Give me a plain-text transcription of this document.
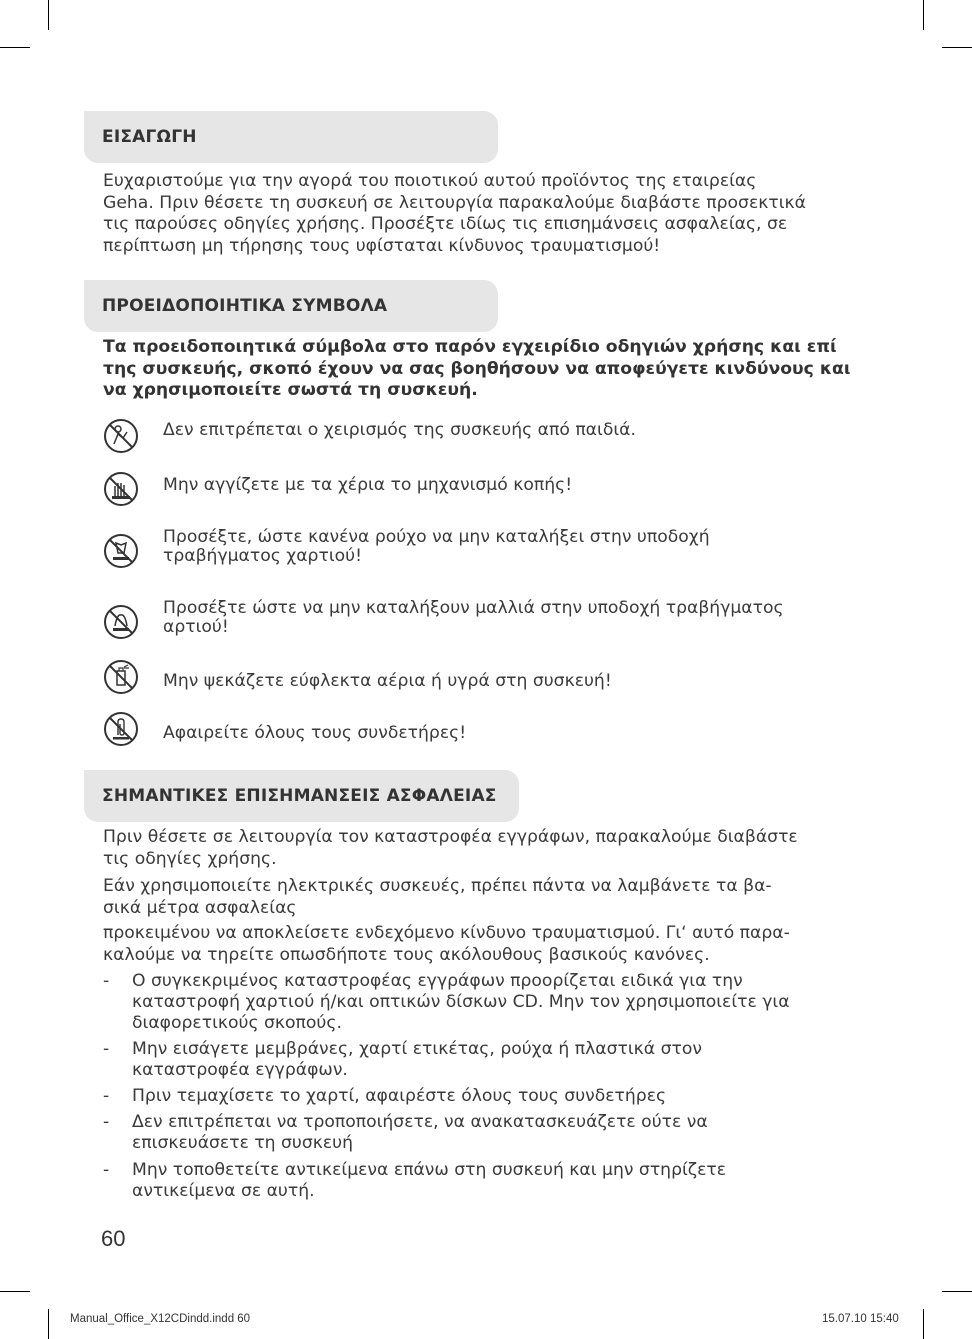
ΕΙΣΑΓΩΓΗ
Ευχαριστούμε για την αγορά του ποιοτικού αυτού προϊόντος της εταιρείας
Geha. Πριν θέσετε τη συσκευή σε λειτουργία παρακαλούμε διαβάστε προσεκτικά
τις παρούσες οδηγίες χρήσης. Προσέξτε ιδίως τις επισημάνσεις ασφαλείας, σε
περίπτωση μη τήρησης τους υφίσταται κίνδυνος τραυματισμού!
ΠΡΟΕΙΔΟΠΟΙΗΤΙΚΑ ΣΥΜΒΟΛΑ
Τα προειδοποιητικά σύμβολα στο παρόν εγχειρίδιο οδηγιών χρήσης και επί
της συσκευής, σκοπό έχουν να σας βοηθήσουν να αποφεύγετε κινδύνους και
να χρησιμοποιείτε σωστά τη συσκευή.
Δεν επιτρέπεται ο χειρισμός της συσκευής από παιδιά.
Μην αγγίζετε με τα χέρια το μηχανισμό κοπής!
Προσέξτε, ώστε κανένα ρούχο να μην καταλήξει στην υποδοχή
τραβήγματος χαρτιού!
Προσέξτε ώστε να μην καταλήξουν μαλλιά στην υποδοχή τραβήγματος
αρτιού!
Μην ψεκάζετε εύφλεκτα αέρια ή υγρά στη συσκευή!
Αφαιρείτε όλους τους συνδετήρες!
ΣΗΜΑΝΤΙΚΕΣ ΕΠΙΣΗΜΑΝΣΕΙΣ ΑΣΦΑΛΕΙΑΣ
Πριν θέσετε σε λειτουργία τον καταστροφέα εγγράφων, παρακαλούμε διαβάστε
τις οδηγίες χρήσης.
Εάν χρησιμοποιείτε ηλεκτρικές συσκευές, πρέπει πάντα να λαμβάνετε τα βα-
σικά μέτρα ασφαλείας
προκειμένου να αποκλείσετε ενδεχόμενο κίνδυνο τραυματισμού. Γι‘ αυτό παρα-
καλούμε να τηρείτε οπωσδήποτε τους ακόλουθους βασικούς κανόνες.
- Ο συγκεκριμένος καταστροφέας εγγράφων προορίζεται ειδικά για την
καταστροφή χαρτιού ή/και οπτικών δίσκων CD. Μην τον χρησιμοποιείτε για
διαφορετικούς σκοπούς.
- Μην εισάγετε μεμβράνες, χαρτί ετικέτας, ρούχα ή πλαστικά στον
καταστροφέα εγγράφων.
- Πριν τεμαχίσετε το χαρτί, αφαιρέστε όλους τους συνδετήρες
- Δεν επιτρέπεται να τροποποιήσετε, να ανακατασκευάζετε ούτε να
επισκευάσετε τη συσκευή
- Μην τοποθετείτε αντικείμενα επάνω στη συσκευή και μην στηρίζετε
αντικείμενα σε αυτή.
60
Manual_Office_X12CDindd.indd 60	15.07.10 15:40
